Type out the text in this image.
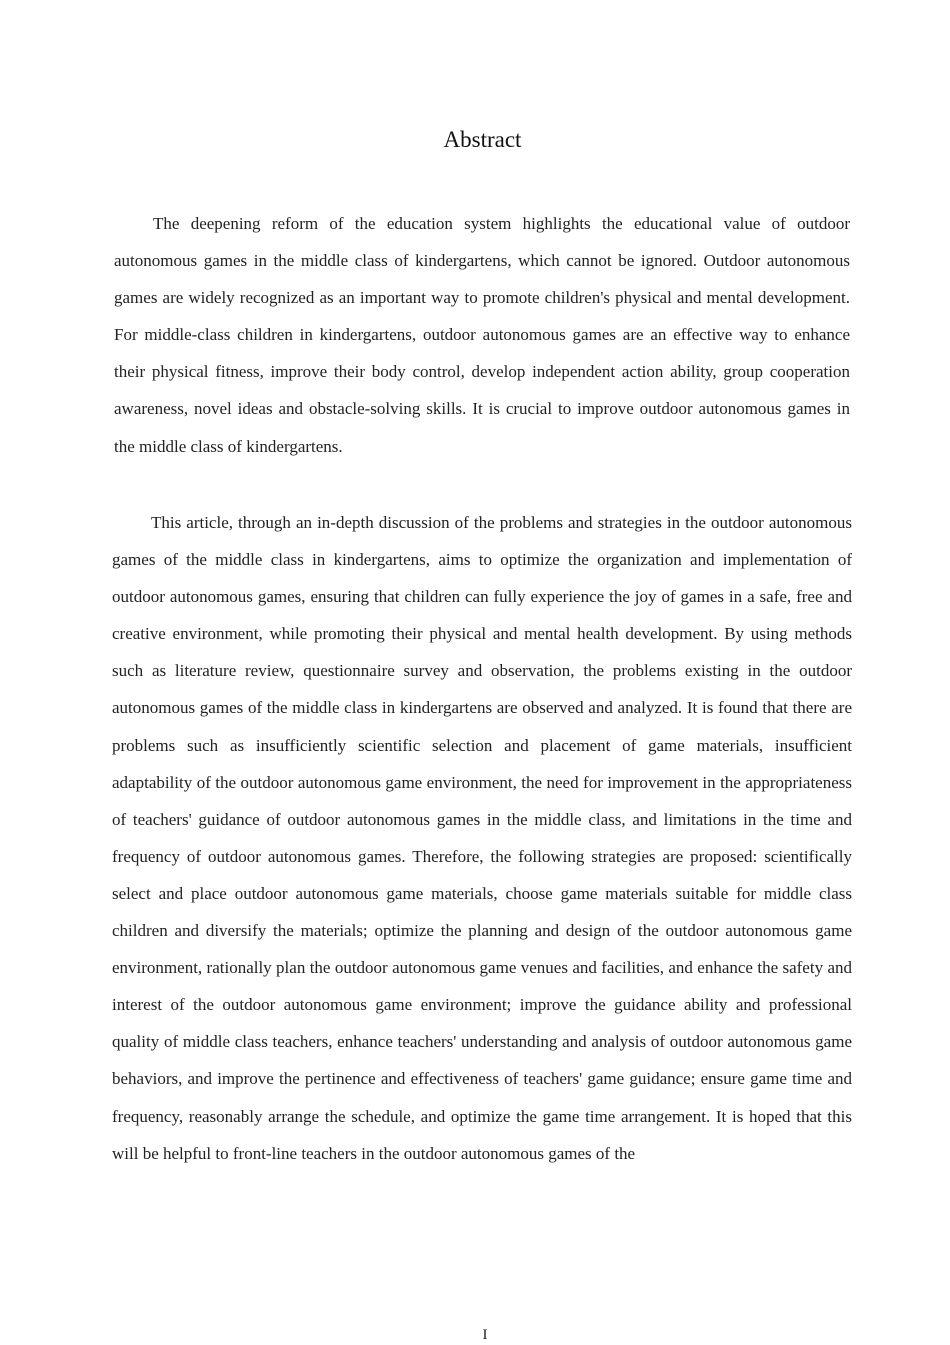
Abstract

The deepening reform of the education system highlights the educational value of outdoor autonomous games in the middle class of kindergartens, which cannot be ignored. Outdoor autonomous games are widely recognized as an important way to promote children's physical and mental development. For middle-class children in kindergartens, outdoor autonomous games are an effective way to enhance their physical fitness, improve their body control, develop independent action ability, group cooperation awareness, novel ideas and obstacle-solving skills. It is crucial to improve outdoor autonomous games in the middle class of kindergartens.

This article, through an in-depth discussion of the problems and strategies in the outdoor autonomous games of the middle class in kindergartens, aims to optimize the organization and implementation of outdoor autonomous games, ensuring that children can fully experience the joy of games in a safe, free and creative environment, while promoting their physical and mental health development. By using methods such as literature review, questionnaire survey and observation, the problems existing in the outdoor autonomous games of the middle class in kindergartens are observed and analyzed. It is found that there are problems such as insufficiently scientific selection and placement of game materials, insufficient adaptability of the outdoor autonomous game environment, the need for improvement in the appropriateness of teachers' guidance of outdoor autonomous games in the middle class, and limitations in the time and frequency of outdoor autonomous games. Therefore, the following strategies are proposed: scientifically select and place outdoor autonomous game materials, choose game materials suitable for middle class children and diversify the materials; optimize the planning and design of the outdoor autonomous game environment, rationally plan the outdoor autonomous game venues and facilities, and enhance the safety and interest of the outdoor autonomous game environment; improve the guidance ability and professional quality of middle class teachers, enhance teachers' understanding and analysis of outdoor autonomous game behaviors, and improve the pertinence and effectiveness of teachers' game guidance; ensure game time and frequency, reasonably arrange the schedule, and optimize the game time arrangement. It is hoped that this will be helpful to front-line teachers in the outdoor autonomous games of the

I
